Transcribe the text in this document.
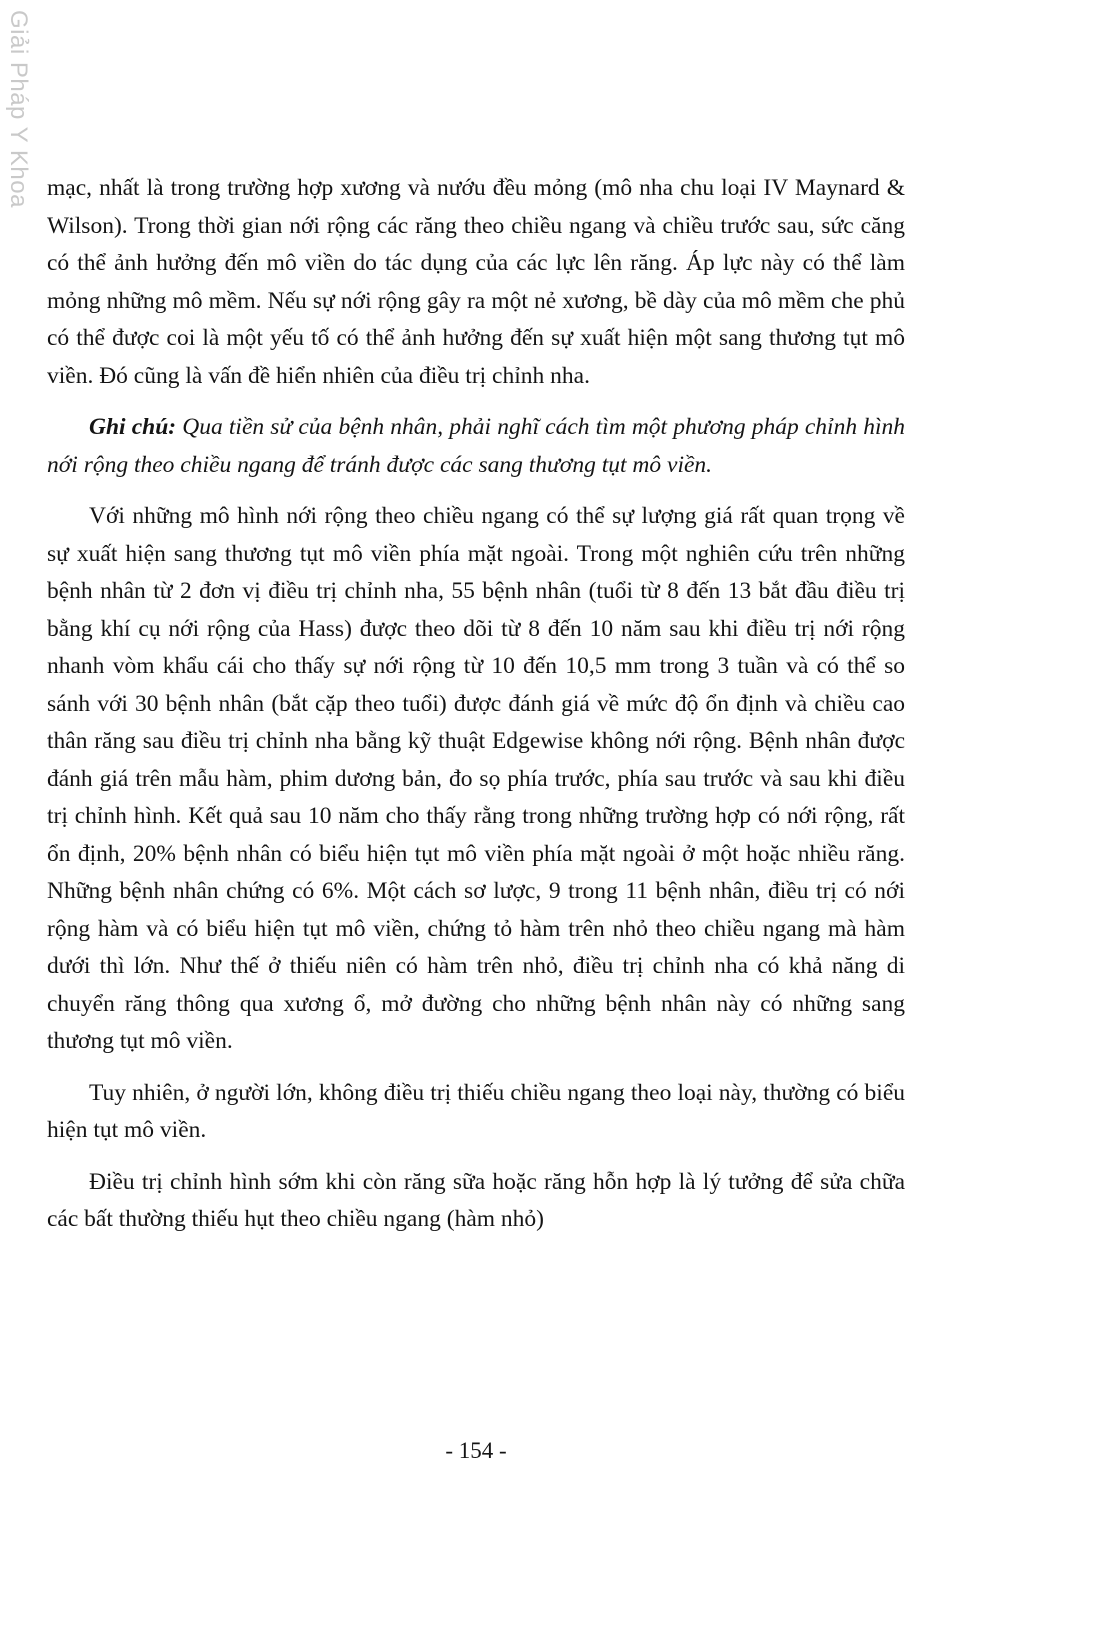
Giải Pháp Y Khoa mạc, nhất là trong trường hợp xương và nướu đều mỏng (mô nha chu loại IV Maynard & Wilson). Trong thời gian nới rộng các răng theo chiều ngang và chiều trước sau, sức căng có thể ảnh hưởng đến mô viền do tác dụng của các lực lên răng. Áp lực này có thể làm mỏng những mô mềm. Nếu sự nới rộng gây ra một nẻ xương, bề dày của mô mềm che phủ có thể được coi là một yếu tố có thể ảnh hưởng đến sự xuất hiện một sang thương tụt mô viền. Đó cũng là vấn đề hiển nhiên của điều trị chỉnh nha.

Ghi chú: Qua tiền sử của bệnh nhân, phải nghĩ cách tìm một phương pháp chỉnh hình nới rộng theo chiều ngang để tránh được các sang thương tụt mô viền.

Với những mô hình nới rộng theo chiều ngang có thể sự lượng giá rất quan trọng về sự xuất hiện sang thương tụt mô viền phía mặt ngoài. Trong một nghiên cứu trên những bệnh nhân từ 2 đơn vị điều trị chỉnh nha, 55 bệnh nhân (tuổi từ 8 đến 13 bắt đầu điều trị bằng khí cụ nới rộng của Hass) được theo dõi từ 8 đến 10 năm sau khi điều trị nới rộng nhanh vòm khẩu cái cho thấy sự nới rộng từ 10 đến 10,5 mm trong 3 tuần và có thể so sánh với 30 bệnh nhân (bắt cặp theo tuổi) được đánh giá về mức độ ổn định và chiều cao thân răng sau điều trị chỉnh nha bằng kỹ thuật Edgewise không nới rộng. Bệnh nhân được đánh giá trên mẫu hàm, phim dương bản, đo sọ phía trước, phía sau trước và sau khi điều trị chỉnh hình. Kết quả sau 10 năm cho thấy rằng trong những trường hợp có nới rộng, rất ổn định, 20% bệnh nhân có biểu hiện tụt mô viền phía mặt ngoài ở một hoặc nhiều răng. Những bệnh nhân chứng có 6%. Một cách sơ lược, 9 trong 11 bệnh nhân, điều trị có nới rộng hàm và có biểu hiện tụt mô viền, chứng tỏ hàm trên nhỏ theo chiều ngang mà hàm dưới thì lớn. Như thế ở thiếu niên có hàm trên nhỏ, điều trị chỉnh nha có khả năng di chuyển răng thông qua xương ổ, mở đường cho những bệnh nhân này có những sang thương tụt mô viền.

Tuy nhiên, ở người lớn, không điều trị thiếu chiều ngang theo loại này, thường có biểu hiện tụt mô viền.

Điều trị chỉnh hình sớm khi còn răng sữa hoặc răng hỗn hợp là lý tưởng để sửa chữa các bất thường thiếu hụt theo chiều ngang (hàm nhỏ)

- 154 -
